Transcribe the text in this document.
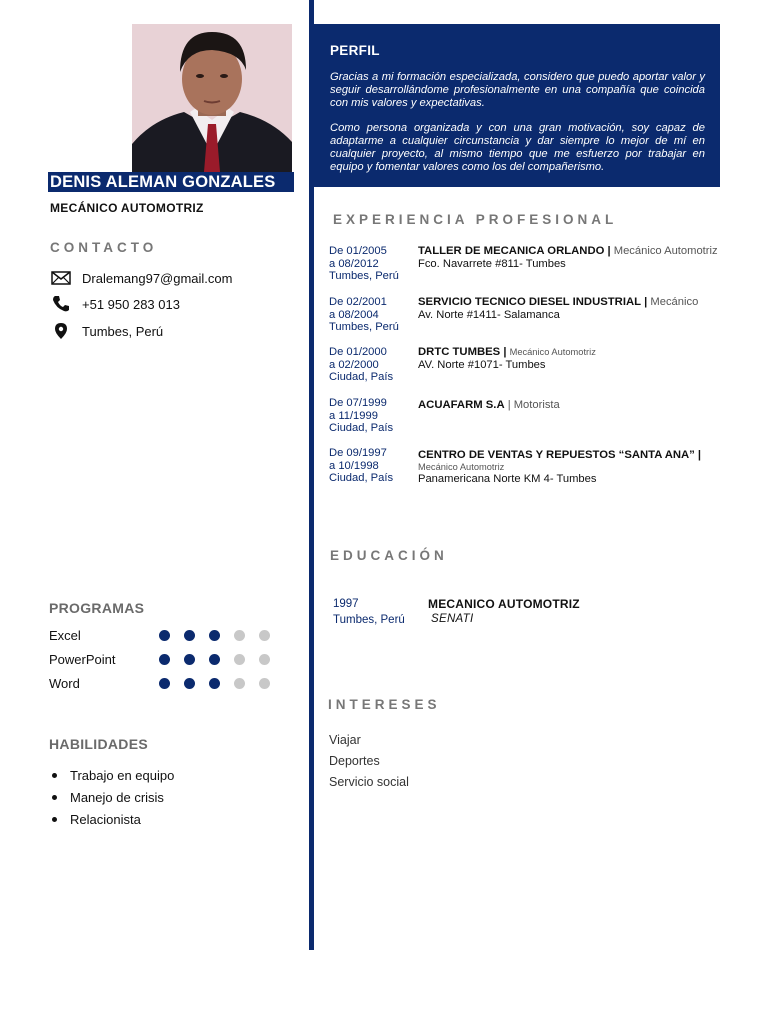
DENIS ALEMAN GONZALES
MECÁNICO AUTOMOTRIZ
CONTACTO
Dralemang97@gmail.com
+51 950 283 013
Tumbes, Perú
PROGRAMAS
Excel
PowerPoint
Word
HABILIDADES
Trabajo en equipo
Manejo de crisis
Relacionista
PERFIL
Gracias a mi formación especializada, considero que puedo aportar valor y seguir desarrollándome profesionalmente en una compañía que coincida con mis valores y expectativas.
Como persona organizada y con una gran motivación, soy capaz de adaptarme a cualquier circunstancia y dar siempre lo mejor de mí en cualquier proyecto, al mismo tiempo que me esfuerzo por trabajar en equipo y fomentar valores como los del compañerismo.
EXPERIENCIA PROFESIONAL
De 01/2005
a 08/2012
Tumbes, Perú
TALLER DE MECANICA ORLANDO | Mecánico Automotriz
Fco. Navarrete #811- Tumbes
De 02/2001
a 08/2004
Tumbes, Perú
SERVICIO TECNICO DIESEL INDUSTRIAL | Mecánico
Av. Norte #1411- Salamanca
De 01/2000
a 02/2000
Ciudad, País
DRTC TUMBES | Mecánico Automotriz
AV. Norte #1071- Tumbes
De 07/1999
a 11/1999
Ciudad, País
ACUAFARM S.A | Motorista
De 09/1997
a 10/1998
Ciudad, País
CENTRO DE VENTAS Y REPUESTOS “SANTA ANA” |
Mecánico Automotriz
Panamericana Norte KM 4- Tumbes
EDUCACIÓN
1997
Tumbes, Perú
MECANICO AUTOMOTRIZ
SENATI
INTERESES
Viajar
Deportes
Servicio social
